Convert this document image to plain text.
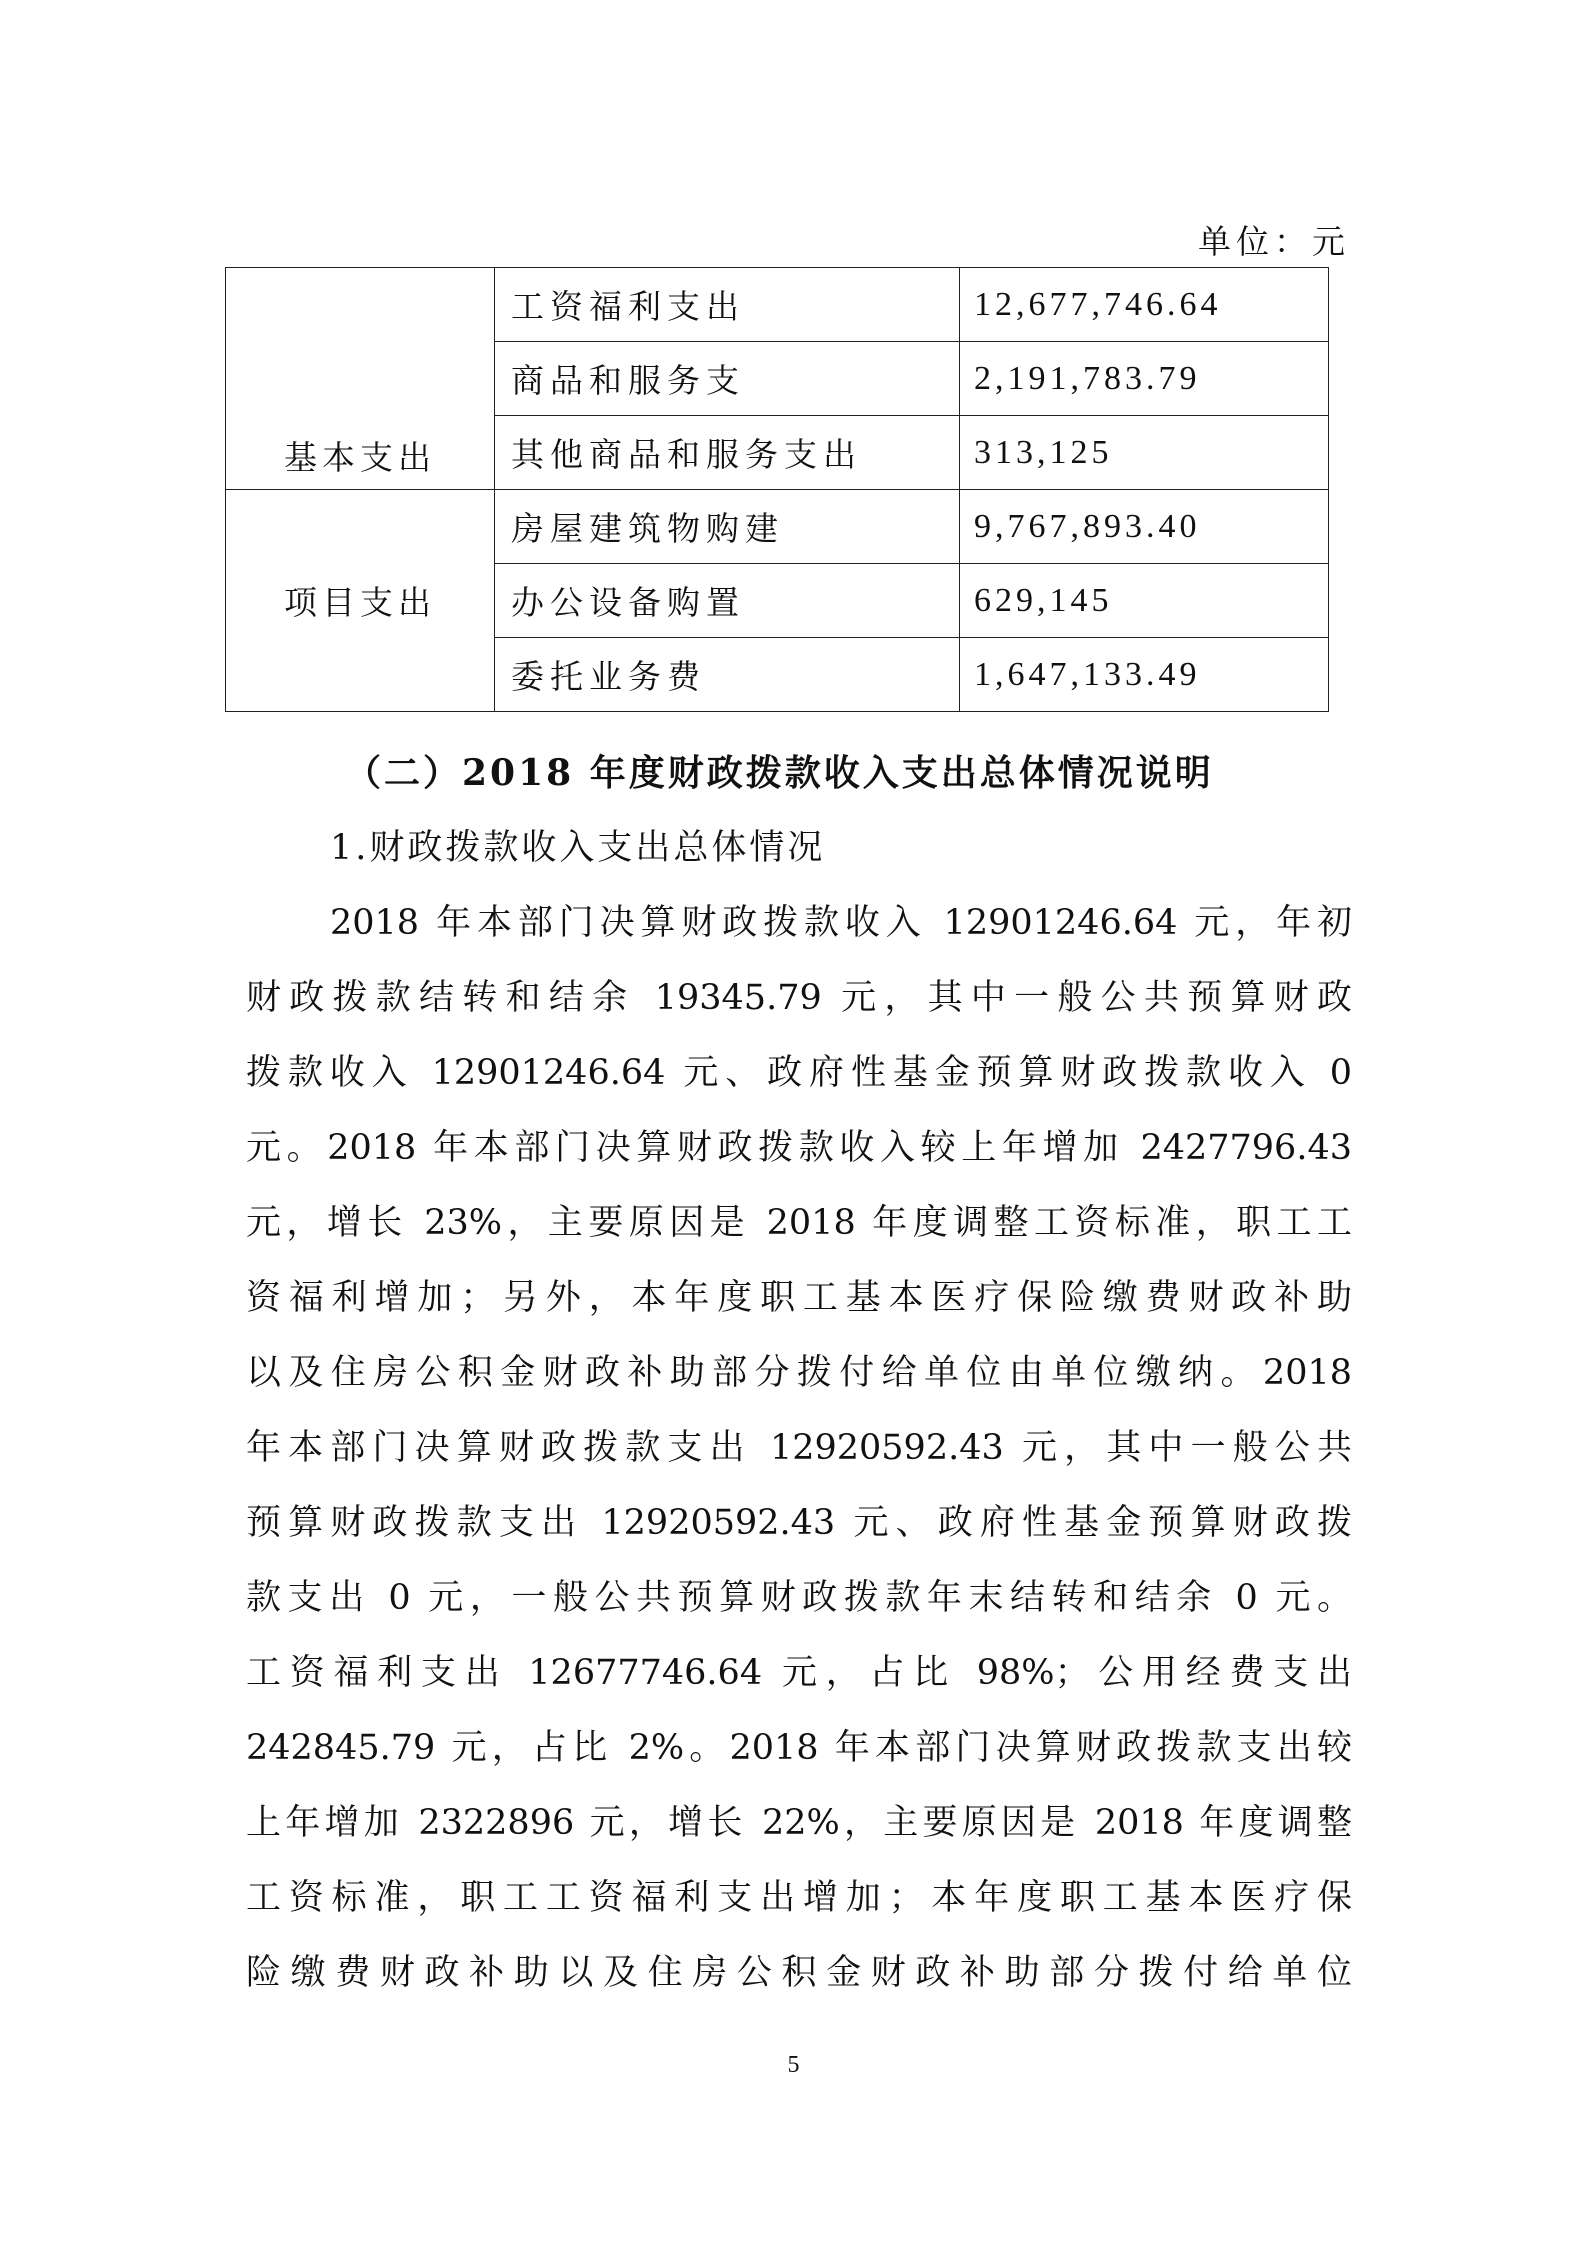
单位：元
基本支出	工资福利支出	12,677,746.64
	商品和服务支	2,191,783.79
	其他商品和服务支出	313,125
项目支出	房屋建筑物购建	9,767,893.40
	办公设备购置	629,145
	委托业务费	1,647,133.49
（二）2018 年度财政拨款收入支出总体情况说明
1.财政拨款收入支出总体情况
2018 年本部门决算财政拨款收入 12901246.64 元，年初
财政拨款结转和结余 19345.79 元，其中一般公共预算财政
拨款收入 12901246.64 元、政府性基金预算财政拨款收入 0
元。2018 年本部门决算财政拨款收入较上年增加 2427796.43
元，增长 23%，主要原因是 2018 年度调整工资标准，职工工
资福利增加；另外，本年度职工基本医疗保险缴费财政补助
以及住房公积金财政补助部分拨付给单位由单位缴纳。2018
年本部门决算财政拨款支出 12920592.43 元，其中一般公共
预算财政拨款支出 12920592.43 元、政府性基金预算财政拨
款支出 0 元，一般公共预算财政拨款年末结转和结余 0 元。
工资福利支出 12677746.64 元，占比 98%；公用经费支出
242845.79 元，占比 2%。2018 年本部门决算财政拨款支出较
上年增加 2322896 元，增长 22%，主要原因是 2018 年度调整
工资标准，职工工资福利支出增加；本年度职工基本医疗保
险缴费财政补助以及住房公积金财政补助部分拨付给单位
5
